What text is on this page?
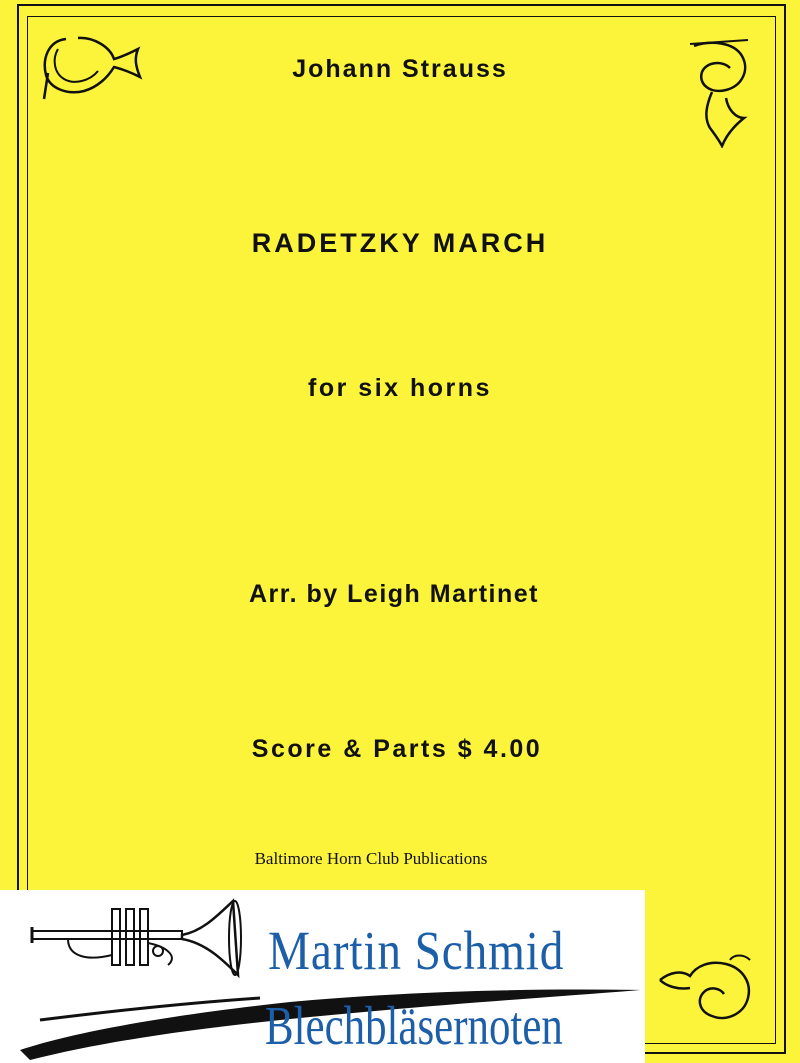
Johann Strauss
RADETZKY MARCH
for six horns
Arr. by Leigh Martinet
Score & Parts $ 4.00
Baltimore Horn Club Publications
Martin Schmid
Blechbläsernoten
